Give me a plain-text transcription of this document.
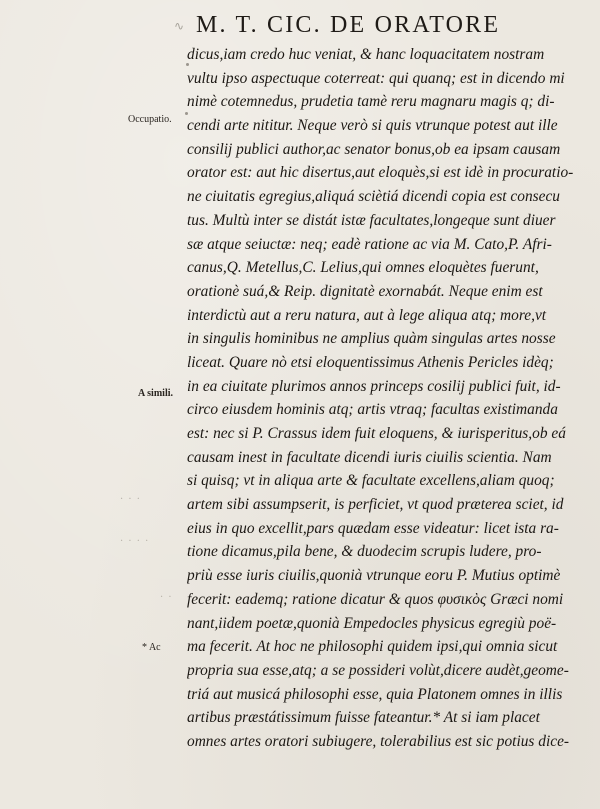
∿ M. T. CIC. DE ORATORE
· · ·
· · · ·
· ·
Occupatio.
A simili.
* Ac
dicus,iam credo huc veniat, & hanc loquacitatem nostram
vultu ipso aspectuque coterreat: qui quanq; est in dicendo mi
nimè cotemnedus, prudetia tamè reru magnaru magis q; di-
cendi arte nititur. Neque verò si quis vtrunque potest aut ille
consilij publici author,ac senator bonus,ob ea ipsam causam
orator est: aut hic disertus,aut eloquès,si est idè in procuratio-
ne ciuitatis egregius,aliquá sciètiá dicendi copia est consecu
tus. Multù inter se distát istæ facultates,longeque sunt diuer
sæ atque seiuctæ: neq; eadè ratione ac via M. Cato,P. Afri-
canus,Q. Metellus,C. Lelius,qui omnes eloquètes fuerunt,
orationè suá,& Reip. dignitatè exornabát. Neque enim est
interdictù aut a reru natura, aut à lege aliqua atq; more,vt
in singulis hominibus ne amplius quàm singulas artes nosse
liceat. Quare nò etsi eloquentissimus Athenis Pericles idèq;
in ea ciuitate plurimos annos princeps cosilij publici fuit, id-
circo eiusdem hominis atq; artis vtraq; facultas existimanda
est: nec si P. Crassus idem fuit eloquens, & iurisperitus,ob eá
causam inest in facultate dicendi iuris ciuilis scientia. Nam
si quisq; vt in aliqua arte & facultate excellens,aliam quoq;
artem sibi assumpserit, is perficiet, vt quod præterea sciet, id
eius in quo excellit,pars quædam esse videatur: licet ista ra-
tione dicamus,pila bene, & duodecim scrupis ludere, pro-
priù esse iuris ciuilis,quonià vtrunque eoru P. Mutius optimè
fecerit: eademq; ratione dicatur & quos φυσικὸς Græci nomi
nant,iidem poetæ,quonià Empedocles physicus egregiù poë-
ma fecerit. At hoc ne philosophi quidem ipsi,qui omnia sicut
propria sua esse,atq; a se possideri volùt,dicere audèt,geome-
triá aut musicá philosophi esse, quia Platonem omnes in illis
artibus præstátissimum fuisse fateantur.* At si iam placet
omnes artes oratori subiugere, tolerabilius est sic potius dice-
